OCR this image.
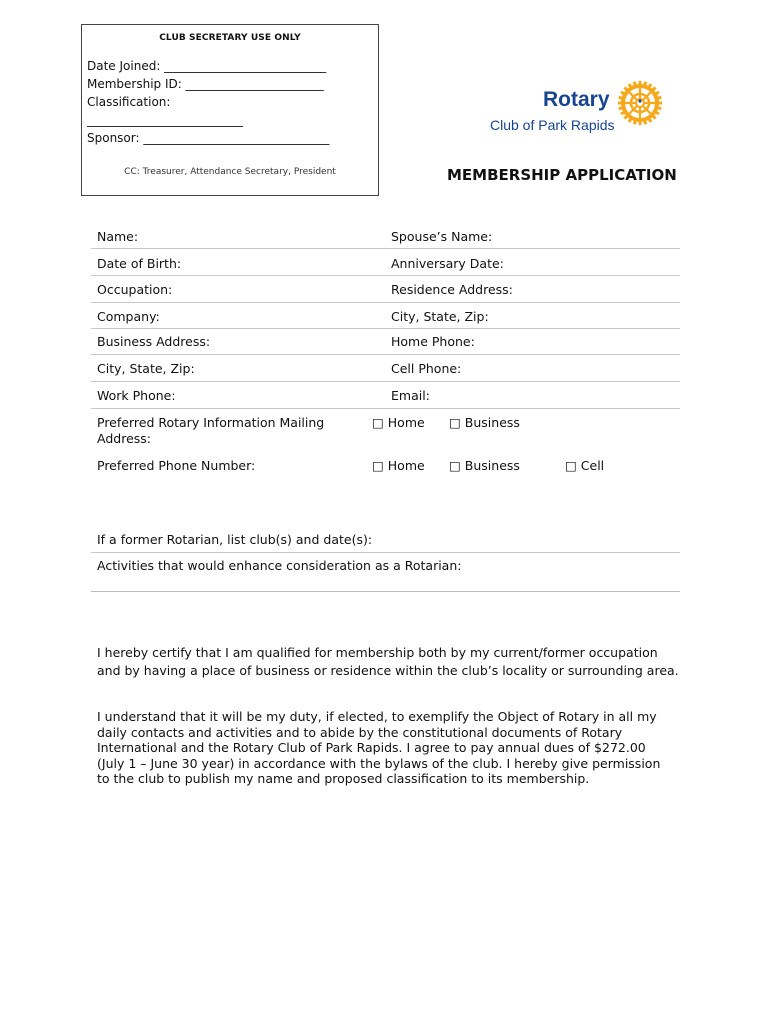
CLUB SECRETARY USE ONLY
Date Joined: ___________________________
Membership ID: _______________________
Classification:
__________________________
Sponsor: _______________________________
CC: Treasurer, Attendance Secretary, President
Rotary
Club of Park Rapids
MEMBERSHIP APPLICATION
Name:	Spouse’s Name:
Date of Birth:	Anniversary Date:
Occupation:	Residence Address:
Company:	City, State, Zip:
Business Address:	Home Phone:
City, State, Zip:	Cell Phone:
Work Phone:	Email:
Preferred Rotary Information Mailing
Address:
□ Home □ Business
Preferred Phone Number:	□ Home □ Business	□ Cell
If a former Rotarian, list club(s) and date(s):
Activities that would enhance consideration as a Rotarian:
I hereby certify that I am qualified for membership both by my current/former occupation
and by having a place of business or residence within the club’s locality or surrounding area.
I understand that it will be my duty, if elected, to exemplify the Object of Rotary in all my
daily contacts and activities and to abide by the constitutional documents of Rotary
International and the Rotary Club of Park Rapids. I agree to pay annual dues of $272.00
(July 1 – June 30 year) in accordance with the bylaws of the club. I hereby give permission
to the club to publish my name and proposed classification to its membership.
